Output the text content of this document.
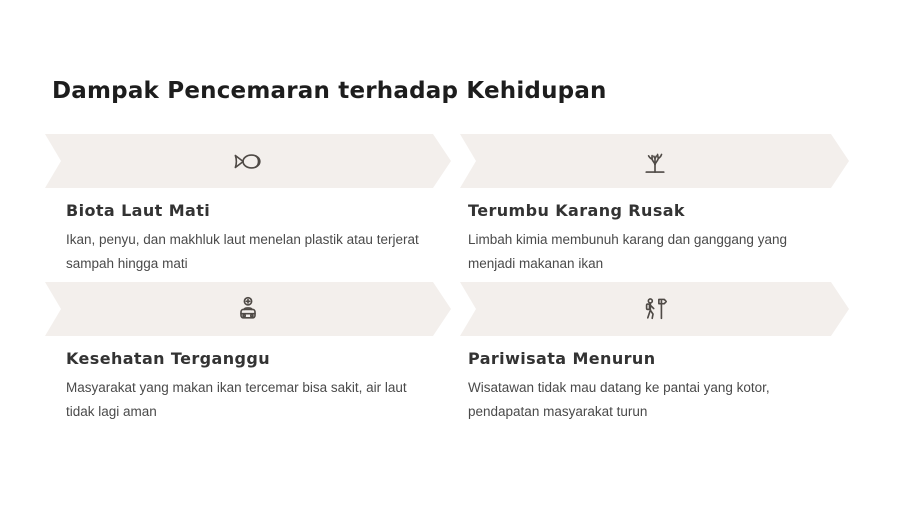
Dampak Pencemaran terhadap Kehidupan
Biota Laut Mati

Ikan, penyu, dan makhluk laut menelan plastik atau terjerat sampah hingga mati

Terumbu Karang Rusak

Limbah kimia membunuh karang dan ganggang yang menjadi makanan ikan

Kesehatan Terganggu

Masyarakat yang makan ikan tercemar bisa sakit, air laut tidak lagi aman

Pariwisata Menurun

Wisatawan tidak mau datang ke pantai yang kotor, pendapatan masyarakat turun
